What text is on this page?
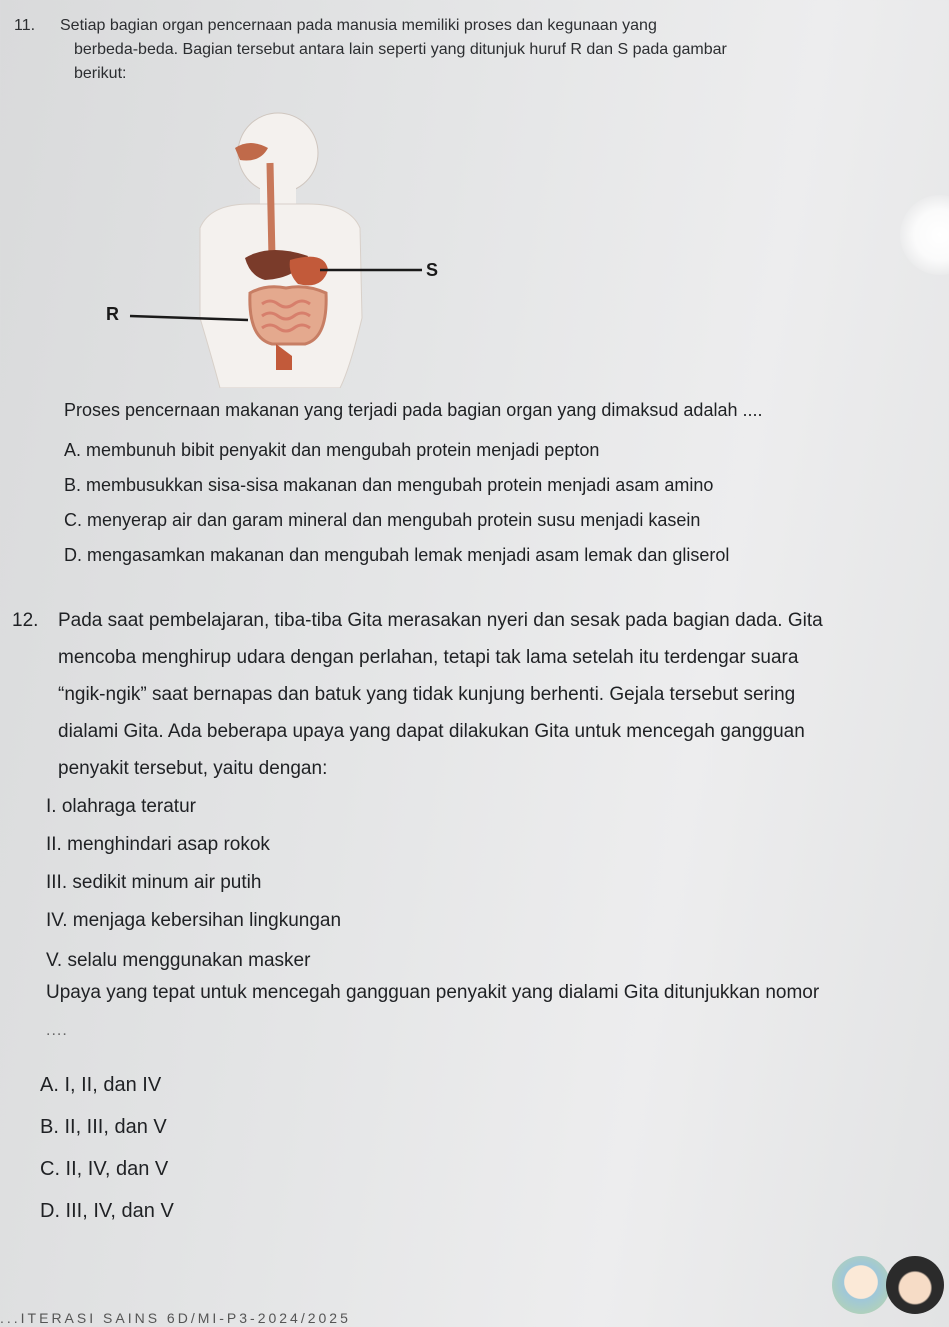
11. Setiap bagian organ pencernaan pada manusia memiliki proses dan kegunaan yang
berbeda-beda. Bagian tersebut antara lain seperti yang ditunjuk huruf R dan S pada gambar
berikut:
S
R
Proses pencernaan makanan yang terjadi pada bagian organ yang dimaksud adalah ....
A. membunuh bibit penyakit dan mengubah protein menjadi pepton
B. membusukkan sisa-sisa makanan dan mengubah protein menjadi asam amino
C. menyerap air dan garam mineral dan mengubah protein susu menjadi kasein
D. mengasamkan makanan dan mengubah lemak menjadi asam lemak dan gliserol
12. Pada saat pembelajaran, tiba-tiba Gita merasakan nyeri dan sesak pada bagian dada. Gita
mencoba menghirup udara dengan perlahan, tetapi tak lama setelah itu terdengar suara
“ngik-ngik” saat bernapas dan batuk yang tidak kunjung berhenti. Gejala tersebut sering
dialami Gita. Ada beberapa upaya yang dapat dilakukan Gita untuk mencegah gangguan
penyakit tersebut, yaitu dengan:
I. olahraga teratur
II. menghindari asap rokok
III. sedikit minum air putih
IV. menjaga kebersihan lingkungan
V. selalu menggunakan masker
Upaya yang tepat untuk mencegah gangguan penyakit yang dialami Gita ditunjukkan nomor
....
A. I, II, dan IV
B. II, III, dan V
C. II, IV, dan V
D. III, IV, dan V
...ITERASI SAINS 6D/MI-P3-2024/2025
